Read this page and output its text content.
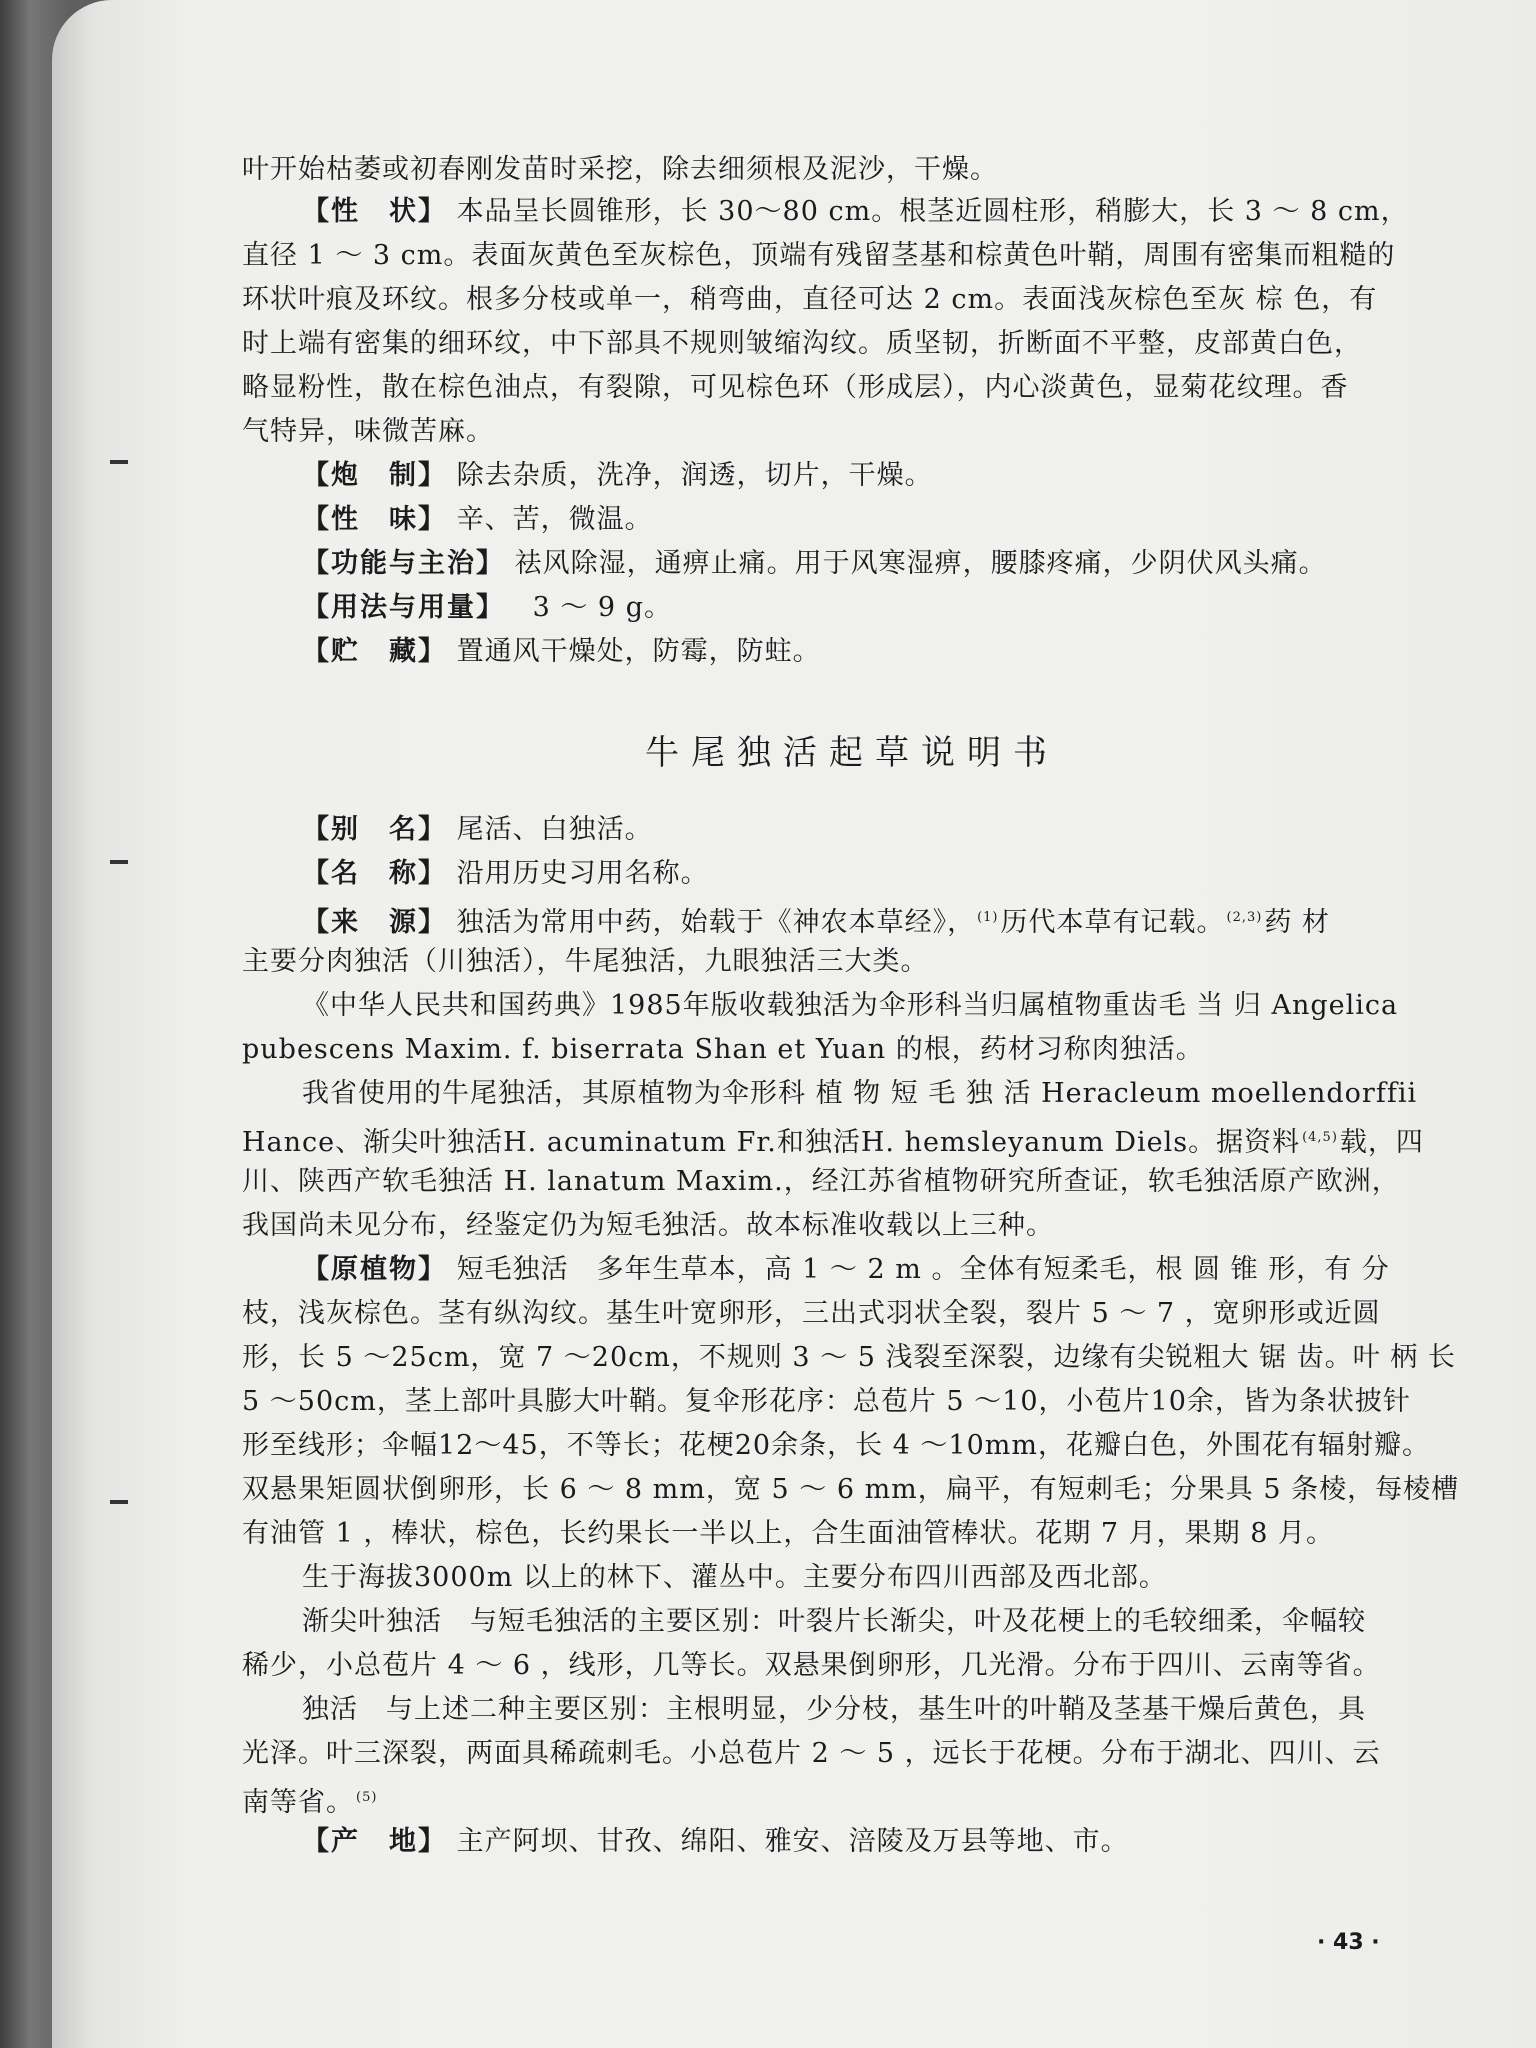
叶开始枯萎或初春刚发苗时采挖，除去细须根及泥沙，干燥。
【性　状】 本品呈长圆锥形，长 30～80 cm。根茎近圆柱形，稍膨大，长 3 ～ 8 cm，
直径 1 ～ 3 cm。表面灰黄色至灰棕色，顶端有残留茎基和棕黄色叶鞘，周围有密集而粗糙的
环状叶痕及环纹。根多分枝或单一，稍弯曲，直径可达 2 cm。表面浅灰棕色至灰 棕 色，有
时上端有密集的细环纹，中下部具不规则皱缩沟纹。质坚韧，折断面不平整，皮部黄白色，
略显粉性，散在棕色油点，有裂隙，可见棕色环（形成层），内心淡黄色，显菊花纹理。香
气特异，味微苦麻。
【炮　制】 除去杂质，洗净，润透，切片，干燥。
【性　味】 辛、苦，微温。
【功能与主治】 祛风除湿，通痹止痛。用于风寒湿痹，腰膝疼痛，少阴伏风头痛。
【用法与用量】 3 ～ 9 g。
【贮　藏】 置通风干燥处，防霉，防蛀。
牛尾独活起草说明书
【别　名】 尾活、白独活。
【名　称】 沿用历史习用名称。
【来　源】 独活为常用中药，始载于《神农本草经》， $^{(1)}$历代本草有记载。 $^{(2,3)}$药 材
主要分肉独活（川独活），牛尾独活，九眼独活三大类。
《中华人民共和国药典》1985年版收载独活为伞形科当归属植物重齿毛 当 归 Angelica
pubescens Maxim. f. biserrata Shan et Yuan 的根，药材习称肉独活。
我省使用的牛尾独活，其原植物为伞形科 植 物 短 毛 独 活 Heracleum moellendorffii
Hance、渐尖叶独活H. acuminatum Fr.和独活H. hemsleyanum Diels。据资料 $^{(4,5)}$载，四
川、陕西产软毛独活 H. lanatum Maxim.，经江苏省植物研究所查证，软毛独活原产欧洲，
我国尚未见分布，经鉴定仍为短毛独活。故本标准收载以上三种。
【原植物】 短毛独活　多年生草本，高 1 ～ 2 m 。全体有短柔毛，根 圆 锥 形，有 分
枝，浅灰棕色。茎有纵沟纹。基生叶宽卵形，三出式羽状全裂，裂片 5 ～ 7 ，宽卵形或近圆
形，长 5 ～25cm，宽 7 ～20cm，不规则 3 ～ 5 浅裂至深裂，边缘有尖锐粗大 锯 齿。叶 柄 长
5 ～50cm，茎上部叶具膨大叶鞘。复伞形花序：总苞片 5 ～10，小苞片10余，皆为条状披针
形至线形；伞幅12～45，不等长；花梗20余条，长 4 ～10mm，花瓣白色，外围花有辐射瓣。
双悬果矩圆状倒卵形，长 6 ～ 8 mm，宽 5 ～ 6 mm，扁平，有短刺毛；分果具 5 条棱，每棱槽
有油管 1 ，棒状，棕色，长约果长一半以上，合生面油管棒状。花期 7 月，果期 8 月。
生于海拔3000m 以上的林下、灌丛中。主要分布四川西部及西北部。
渐尖叶独活　与短毛独活的主要区别：叶裂片长渐尖，叶及花梗上的毛较细柔，伞幅较
稀少，小总苞片 4 ～ 6 ，线形，几等长。双悬果倒卵形，几光滑。分布于四川、云南等省。
独活　与上述二种主要区别：主根明显，少分枝，基生叶的叶鞘及茎基干燥后黄色，具
光泽。叶三深裂，两面具稀疏刺毛。小总苞片 2 ～ 5 ，远长于花梗。分布于湖北、四川、云
南等省。 $^{(5)}$
【产　地】 主产阿坝、甘孜、绵阳、雅安、涪陵及万县等地、市。
· 43 ·
